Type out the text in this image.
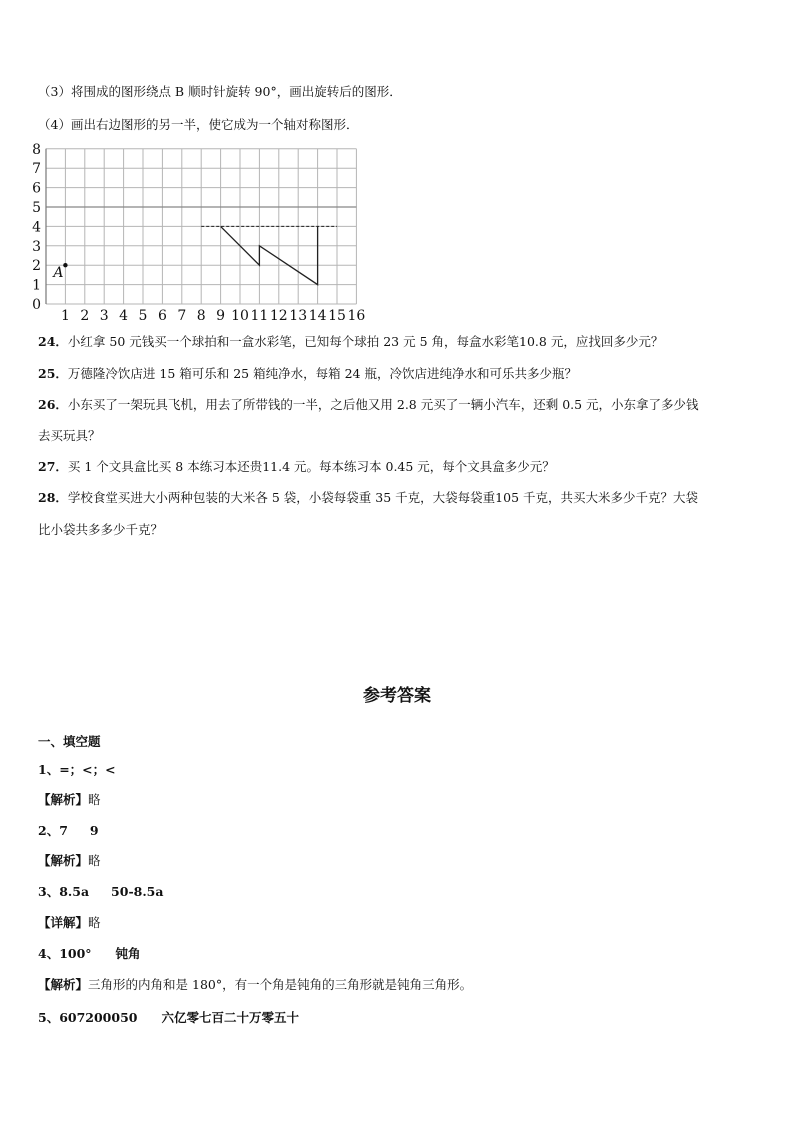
（3）将围成的图形绕点 B 顺时针旋转 90°，画出旋转后的图形．
（4）画出右边图形的另一半，使它成为一个轴对称图形．
0
1
2
3
4
5
6
7
8
1 2 3 4 5 6 7 8 9 10 11 12 13 14 15 16
A
24．小红拿 50 元钱买一个球拍和一盒水彩笔，已知每个球拍 23 元 5 角，每盒水彩笔10.8 元，应找回多少元？
25．万德隆冷饮店进 15 箱可乐和 25 箱纯净水，每箱 24 瓶，冷饮店进纯净水和可乐共多少瓶？
26．小东买了一架玩具飞机，用去了所带钱的一半，之后他又用 2.8 元买了一辆小汽车，还剩 0.5 元，小东拿了多少钱
去买玩具？
27．买 1 个文具盒比买 8 本练习本还贵11.4 元。每本练习本 0.45 元，每个文具盒多少元？
28．学校食堂买进大小两种包装的大米各 5 袋，小袋每袋重 35 千克，大袋每袋重105 千克，共买大米多少千克？大袋
比小袋共多多少千克？
参考答案
一、填空题
1、=；<；<
【解析】略
2、7 9
【解析】略
3、8.5a 50-8.5a
【详解】略
4、100° 钝角
【解析】三角形的内角和是 180°，有一个角是钝角的三角形就是钝角三角形。
5、607200050 六亿零七百二十万零五十
